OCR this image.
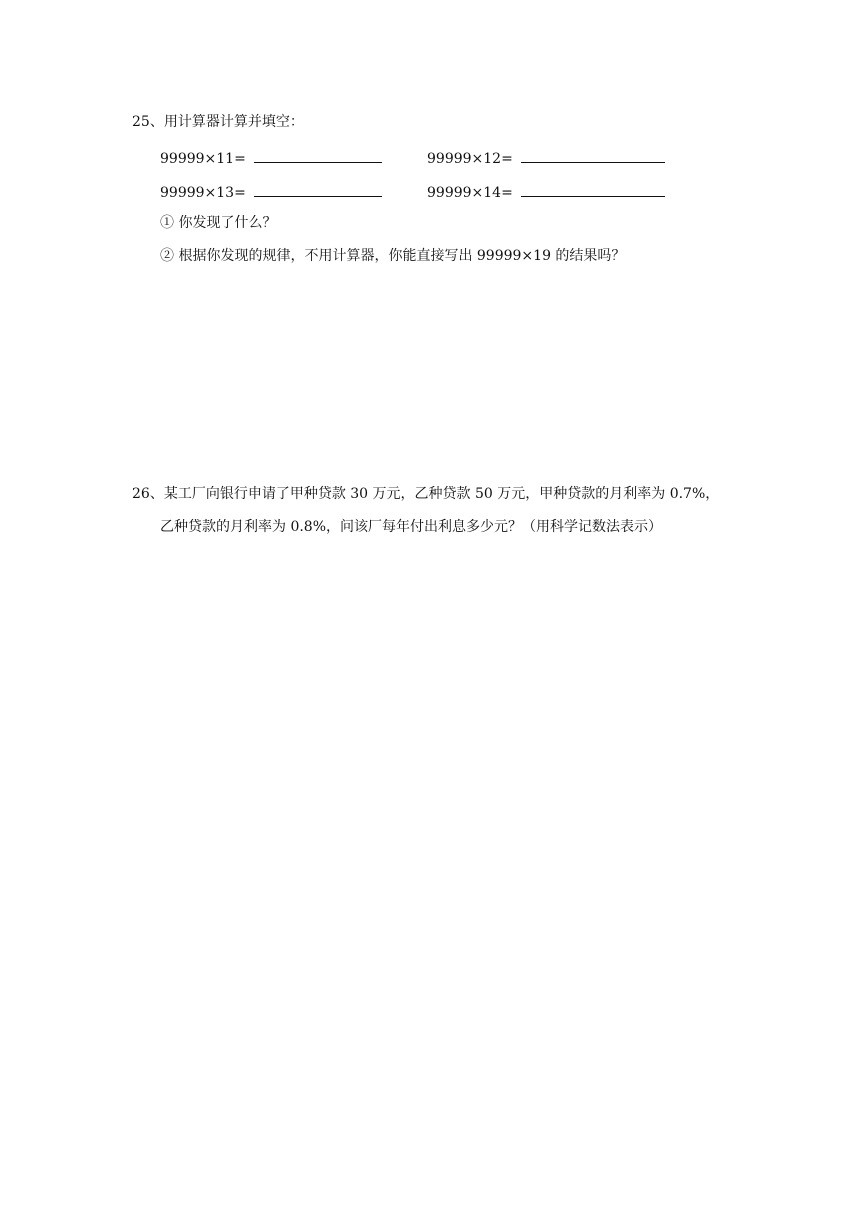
25、用计算器计算并填空：
99999×11=	99999×12=
99999×13=	99999×14=
① 你发现了什么？
② 根据你发现的规律，不用计算器，你能直接写出 99999×19 的结果吗？
26、某工厂向银行申请了甲种贷款 30 万元，乙种贷款 50 万元，甲种贷款的月利率为 0.7%，
乙种贷款的月利率为 0.8%，问该厂每年付出利息多少元？（用科学记数法表示）
